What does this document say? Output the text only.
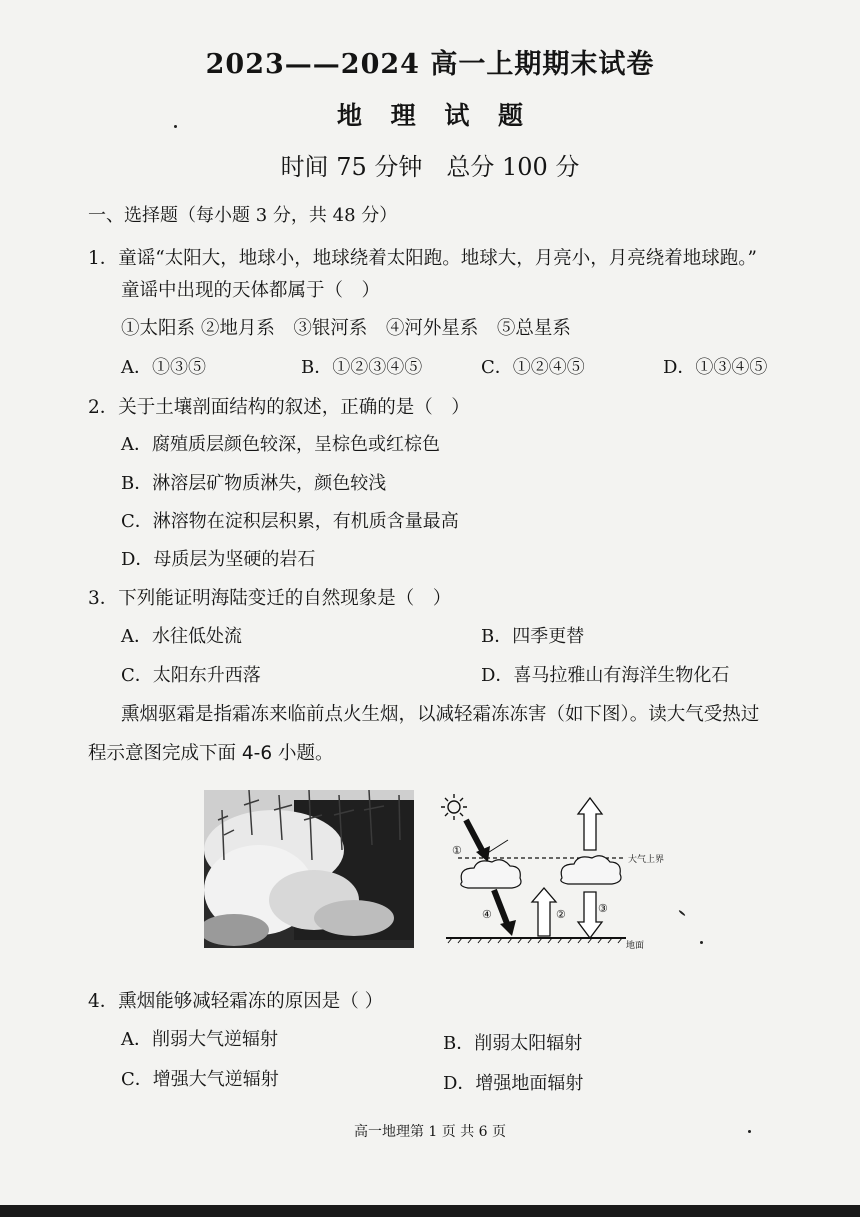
2023——2024 高一上期期末试卷
地 理 试 题
时间 75 分钟　总分 100 分
一、选择题（每小题 3 分，共 48 分）
1．童谣“太阳大，地球小，地球绕着太阳跑。地球大，月亮小，月亮绕着地球跑。”
童谣中出现的天体都属于（　）
①太阳系 ②地月系　③银河系　④河外星系　⑤总星系
A．①③⑤	B．①②③④⑤	C．①②④⑤	D．①③④⑤
2．关于土壤剖面结构的叙述，正确的是（　）
A．腐殖质层颜色较深，呈棕色或红棕色
B．淋溶层矿物质淋失，颜色较浅
C．淋溶物在淀积层积累，有机质含量最高
D．母质层为坚硬的岩石
3．下列能证明海陆变迁的自然现象是（　）
A．水往低处流	B．四季更替
C．太阳东升西落	D．喜马拉雅山有海洋生物化石
熏烟驱霜是指霜冻来临前点火生烟，以减轻霜冻冻害（如下图）。读大气受热过
程示意图完成下面 4-6 小题。
大气上界
地面
①
②	③
④
4．熏烟能够减轻霜冻的原因是（ ）
A．削弱大气逆辐射	B．削弱太阳辐射
C．增强大气逆辐射	D．增强地面辐射
高一地理第 1 页 共 6 页
